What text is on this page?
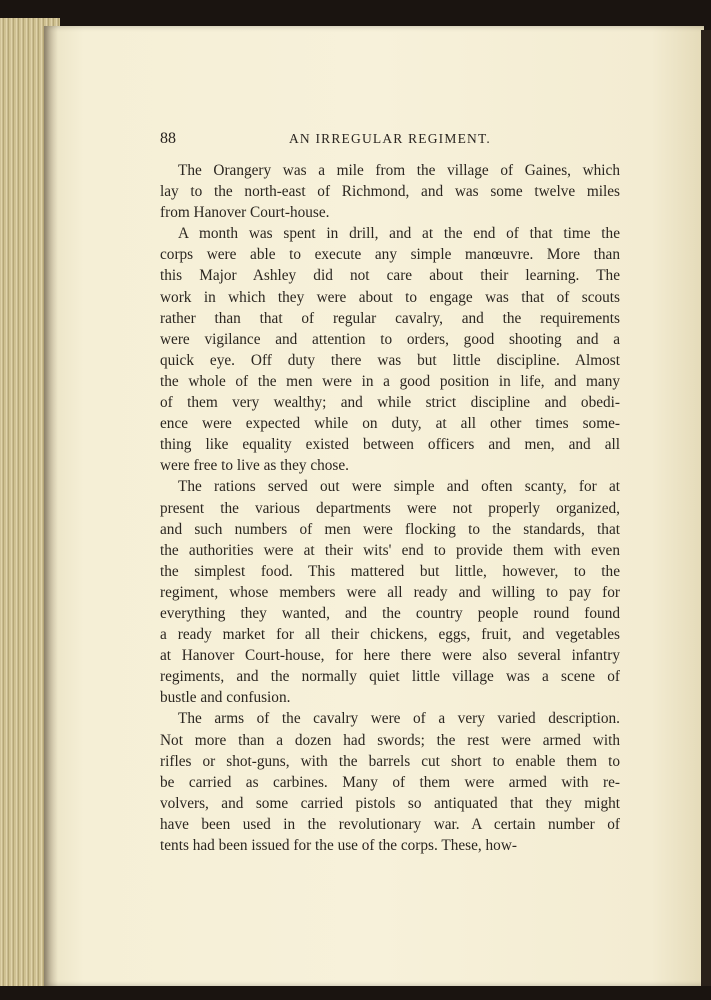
88	AN IRREGULAR REGIMENT.
The Orangery was a mile from the village of Gaines, which
lay to the north-east of Richmond, and was some twelve miles
from Hanover Court-house.
A month was spent in drill, and at the end of that time the
corps were able to execute any simple manœuvre. More than
this Major Ashley did not care about their learning. The
work in which they were about to engage was that of scouts
rather than that of regular cavalry, and the requirements
were vigilance and attention to orders, good shooting and a
quick eye. Off duty there was but little discipline. Almost
the whole of the men were in a good position in life, and many
of them very wealthy; and while strict discipline and obedi-
ence were expected while on duty, at all other times some-
thing like equality existed between officers and men, and all
were free to live as they chose.
The rations served out were simple and often scanty, for at
present the various departments were not properly organized,
and such numbers of men were flocking to the standards, that
the authorities were at their wits' end to provide them with even
the simplest food. This mattered but little, however, to the
regiment, whose members were all ready and willing to pay for
everything they wanted, and the country people round found
a ready market for all their chickens, eggs, fruit, and vegetables
at Hanover Court-house, for here there were also several infantry
regiments, and the normally quiet little village was a scene of
bustle and confusion.
The arms of the cavalry were of a very varied description.
Not more than a dozen had swords; the rest were armed with
rifles or shot-guns, with the barrels cut short to enable them to
be carried as carbines. Many of them were armed with re-
volvers, and some carried pistols so antiquated that they might
have been used in the revolutionary war. A certain number of
tents had been issued for the use of the corps. These, how-
